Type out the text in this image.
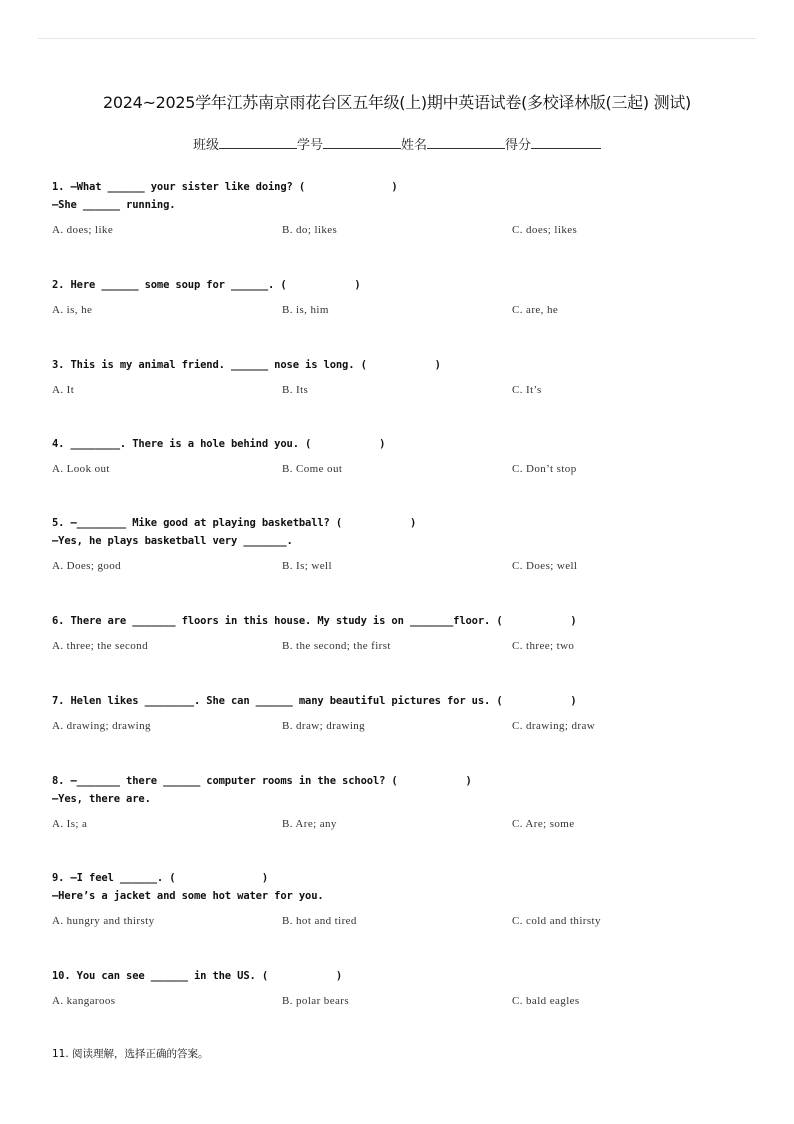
2024~2025学年江苏南京雨花台区五年级(上)期中英语试卷(多校译林版(三起) 测试)
班级	学号	姓名	得分
1. —What ______ your sister like doing? (              )
—She ______ running.
A. does; like	B. do; likes	C. does; likes
2. Here ______ some soup for ______. (           )
A. is, he	B. is, him	C. are, he
3. This is my animal friend. ______ nose is long. (           )
A. It	B. Its	C. It’s
4. ________. There is a hole behind you. (           )
A. Look out	B. Come out	C. Don’t stop
5. —________ Mike good at playing basketball? (           )
—Yes, he plays basketball very _______.
A. Does; good	B. Is; well	C. Does; well
6. There are _______ floors in this house. My study is on _______floor. (           )
A. three; the second	B. the second; the first	C. three; two
7. Helen likes ________. She can ______ many beautiful pictures for us. (           )
A. drawing; drawing	B. draw; drawing	C. drawing; draw
8. —_______ there ______ computer rooms in the school? (           )
—Yes, there are.
A. Is; a	B. Are; any	C. Are; some
9. —I feel ______. (              )
—Here’s a jacket and some hot water for you.
A. hungry and thirsty	B. hot and tired	C. cold and thirsty
10. You can see ______ in the US. (           )
A. kangaroos	B. polar bears	C. bald eagles
11. 阅读理解，选择正确的答案。
